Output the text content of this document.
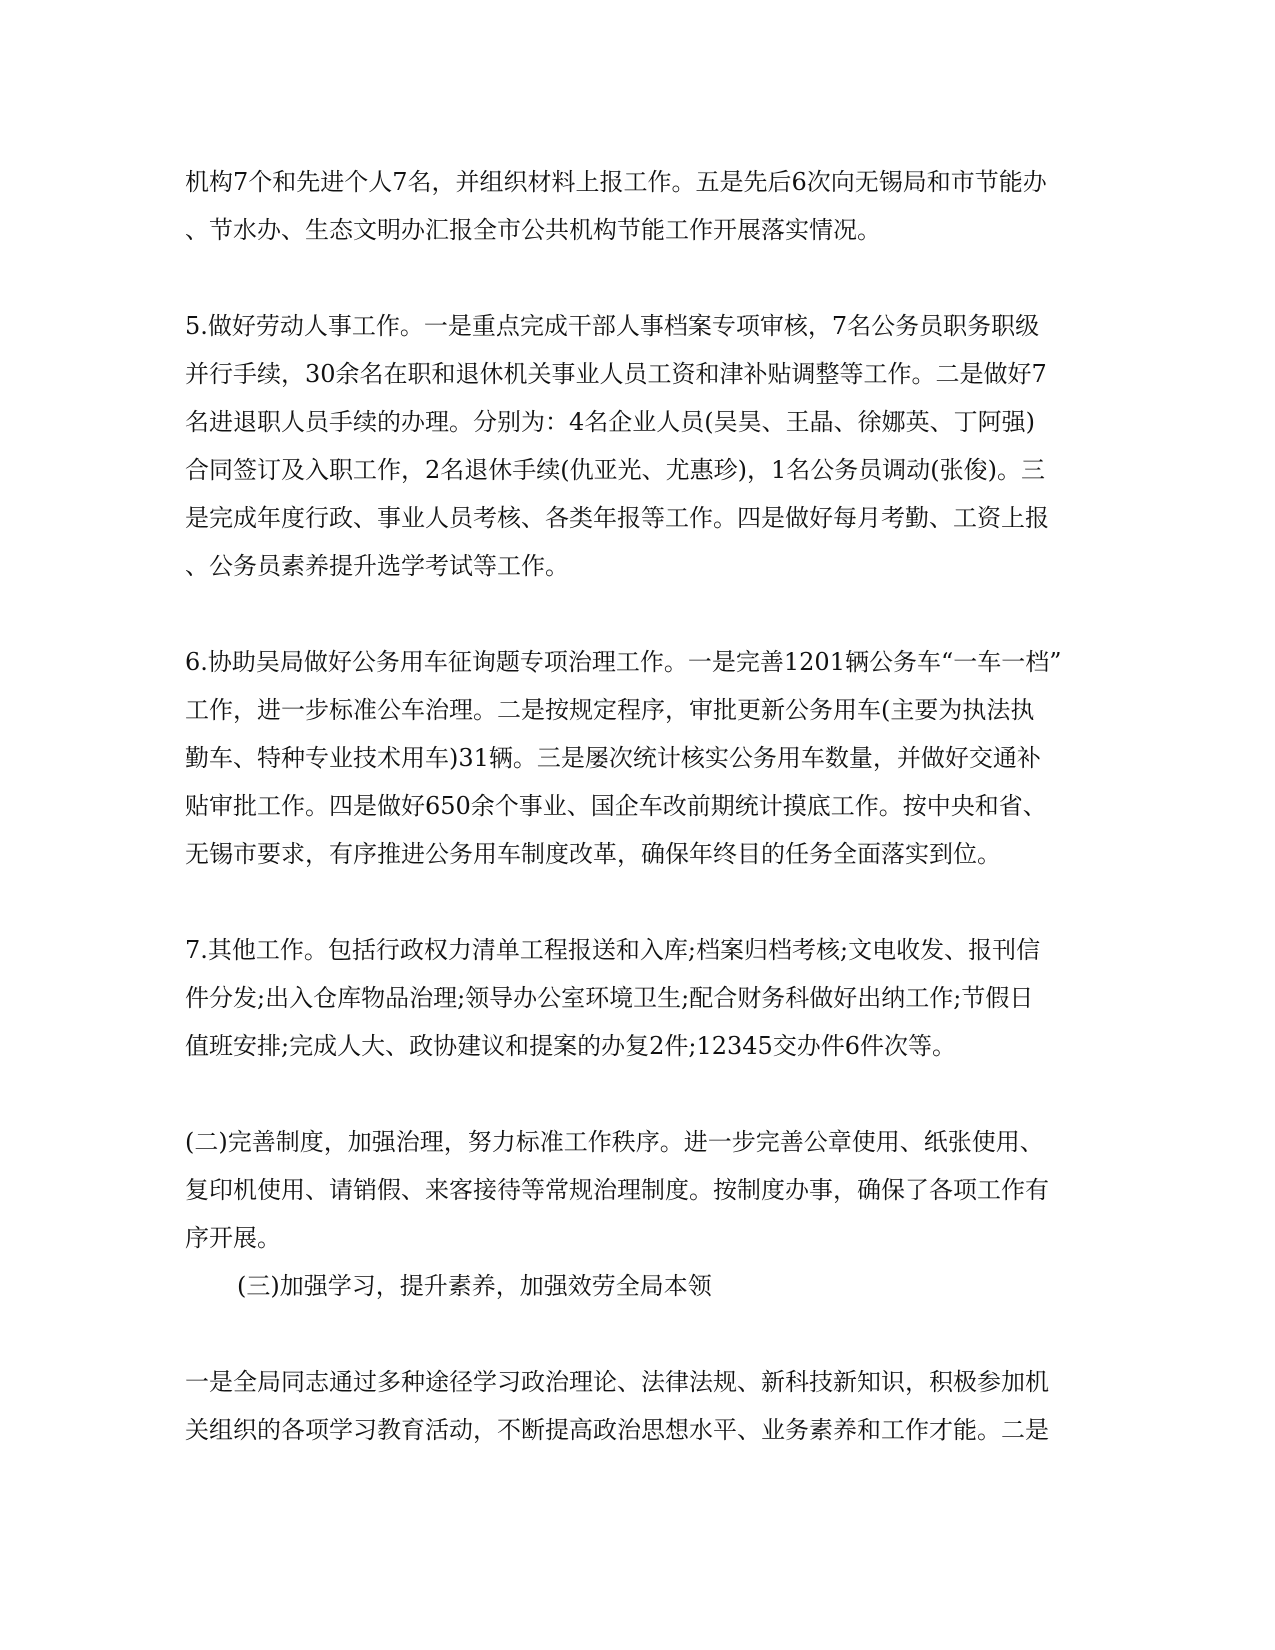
机构7个和先进个人7名，并组织材料上报工作。五是先后6次向无锡局和市节能办
、节水办、生态文明办汇报全市公共机构节能工作开展落实情况。
5.做好劳动人事工作。一是重点完成干部人事档案专项审核，7名公务员职务职级
并行手续，30余名在职和退休机关事业人员工资和津补贴调整等工作。二是做好7
名进退职人员手续的办理。分别为：4名企业人员(吴昊、王晶、徐娜英、丁阿强)
合同签订及入职工作，2名退休手续(仇亚光、尤惠珍)，1名公务员调动(张俊)。三
是完成年度行政、事业人员考核、各类年报等工作。四是做好每月考勤、工资上报
、公务员素养提升选学考试等工作。
6.协助吴局做好公务用车征询题专项治理工作。一是完善1201辆公务车“一车一档”
工作，进一步标准公车治理。二是按规定程序，审批更新公务用车(主要为执法执
勤车、特种专业技术用车)31辆。三是屡次统计核实公务用车数量，并做好交通补
贴审批工作。四是做好650余个事业、国企车改前期统计摸底工作。按中央和省、
无锡市要求，有序推进公务用车制度改革，确保年终目的任务全面落实到位。
7.其他工作。包括行政权力清单工程报送和入库;档案归档考核;文电收发、报刊信
件分发;出入仓库物品治理;领导办公室环境卫生;配合财务科做好出纳工作;节假日
值班安排;完成人大、政协建议和提案的办复2件;12345交办件6件次等。
(二)完善制度，加强治理，努力标准工作秩序。进一步完善公章使用、纸张使用、
复印机使用、请销假、来客接待等常规治理制度。按制度办事，确保了各项工作有
序开展。
(三)加强学习，提升素养，加强效劳全局本领
一是全局同志通过多种途径学习政治理论、法律法规、新科技新知识，积极参加机
关组织的各项学习教育活动，不断提高政治思想水平、业务素养和工作才能。二是
